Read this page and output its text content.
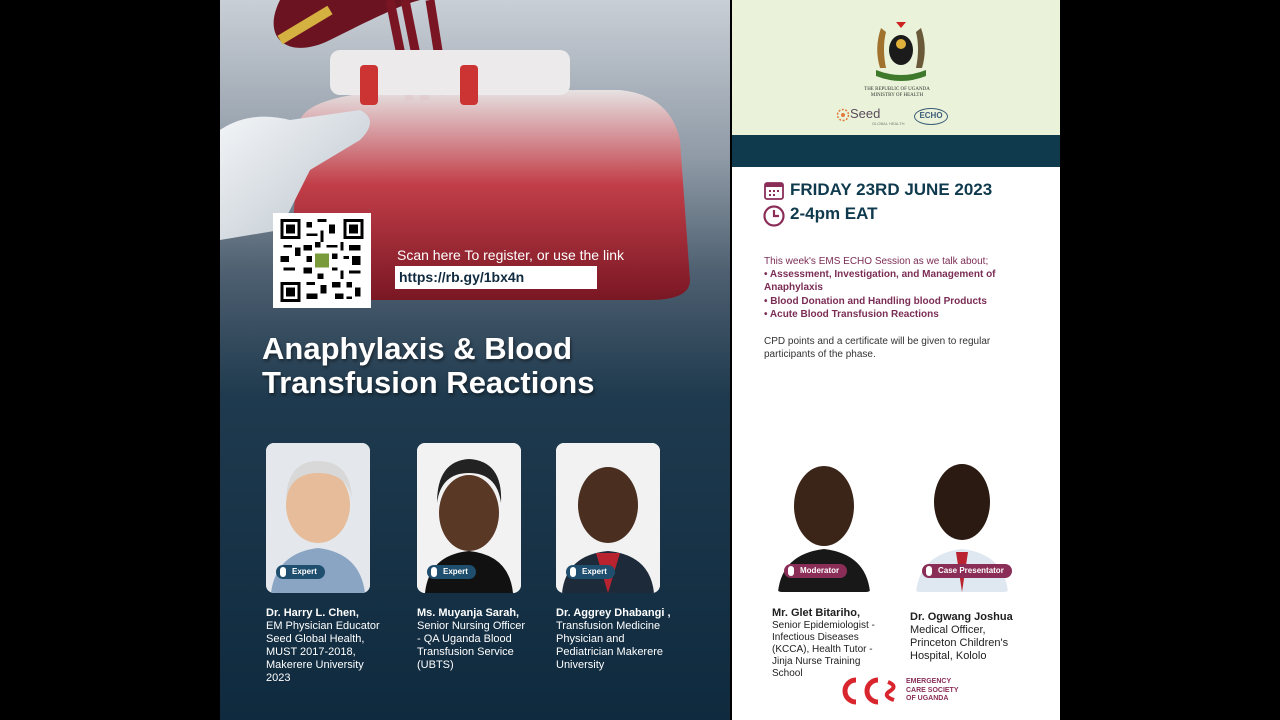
Scan here To register, or use the link
https://rb.gy/1bx4n
Anaphylaxis & Blood Transfusion Reactions
Expert
Dr. Harry L. Chen,
EM Physician Educator Seed Global Health, MUST 2017-2018, Makerere University 2023
Expert
Ms. Muyanja Sarah,
Senior Nursing Officer - QA Uganda Blood Transfusion Service (UBTS)
Expert
Dr. Aggrey Dhabangi ,
Transfusion Medicine Physician and Pediatrician Makerere University
THE REPUBLIC OF UGANDA
MINISTRY OF HEALTH
Seed
GLOBAL HEALTH
ECHO
FRIDAY 23RD JUNE 2023
2-4pm EAT
This week's EMS ECHO Session as we talk about;
• Assessment, Investigation, and Management of Anaphylaxis
• Blood Donation and Handling blood Products
• Acute Blood Transfusion Reactions
CPD points and a certificate will be given to regular participants of the phase.
Moderator
Mr. Glet Bitariho,
Senior Epidemiologist - Infectious Diseases (KCCA), Health Tutor - Jinja Nurse Training School
Case Presentator
Dr. Ogwang Joshua
Medical Officer, Princeton Children's Hospital, Kololo
EMERGENCY
CARE SOCIETY
OF UGANDA
